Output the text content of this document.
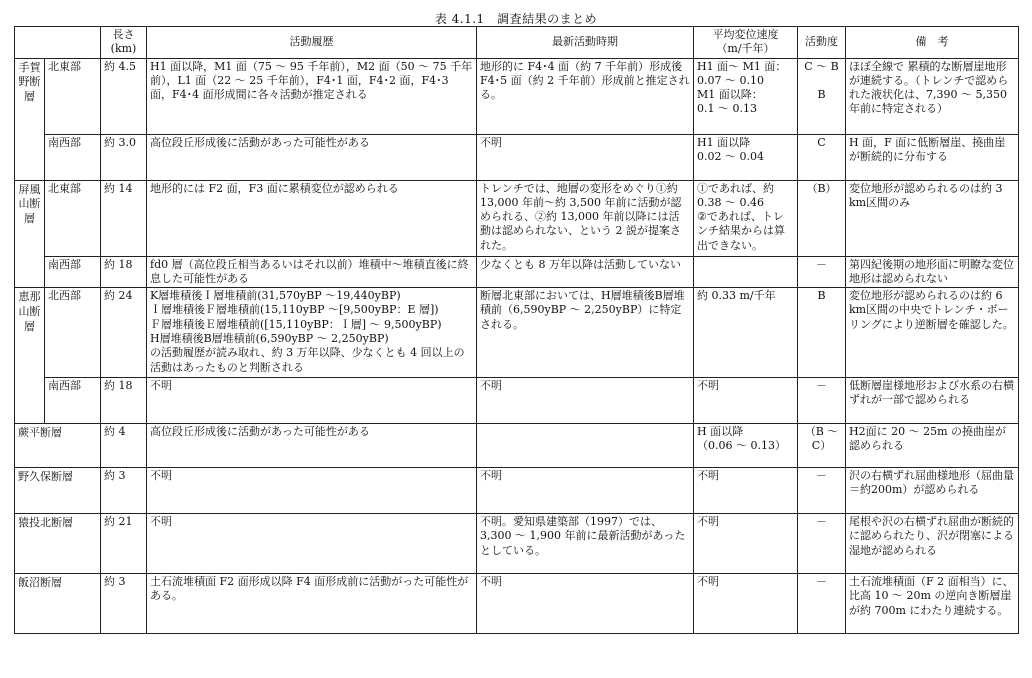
表 4.1.1　調査結果のまとめ
		長さ
(km)	活動履歴	最新活動時期	平均変位速度
（m/千年）	活動度	備　考
手賀野断層	北東部	約 4.5	H1 面以降，M1 面（75 ～ 95 千年前），M2 面（50 ～ 75 千年前），L1 面（22 ～ 25 千年前），F4･1 面，F4･2 面，F4･3 面，F4･4 面形成間に各々活動が推定される	地形的に F4･4 面（約 7 千年前）形成後 F4･5 面（約 2 千年前）形成前と推定される。	H1 面～ M1 面：
0.07 ～ 0.10
M1 面以降：
0.1 ～ 0.13	C ～ B

B	ほぼ全線で 累積的な断層崖地形が連続する。（トレンチで認められた液状化は、7,390 ～ 5,350 年前に特定される）
	南西部	約 3.0	高位段丘形成後に活動があった可能性がある	不明	H1 面以降
0.02 ～ 0.04	C	H 面，F 面に低断層崖、撓曲崖が断続的に分布する
屏風山断層	北東部	約 14	地形的には F2 面，F3 面に累積変位が認められる	トレンチでは、地層の変形をめぐり①約 13,000 年前～約 3,500 年前に活動が認められる、②約 13,000 年前以降には活動は認められない、という 2 説が提案された。	①であれば、約
0.38 ～ 0.46
②であれば、トレンチ結果からは算出できない。	（B）	変位地形が認められるのは約 3 km区間のみ
	南西部	約 18	fd0 層（高位段丘相当あるいはそれ以前）堆積中～堆積直後に終息した可能性がある	少なくとも 8 万年以降は活動していない		－	第四紀後期の地形面に明瞭な変位地形は認められない
恵那山断層	北西部	約 24	K層堆積後Ｉ層堆積前(31,570yBP ～19,440yBP)
Ｉ層堆積後Ｆ層堆積前(15,110yBP ～[9,500yBP：E 層])
Ｆ層堆積後Ｅ層堆積前([15,110yBP：Ｉ層] ～ 9,500yBP)
H層堆積後B層堆積前(6,590yBP ～ 2,250yBP)
の活動履歴が読み取れ、約 3 万年以降、少なくとも 4 回以上の活動はあったものと判断される	断層北東部においては、H層堆積後B層堆積前（6,590yBP ～ 2,250yBP）に特定される。	約 0.33 m/千年	B	変位地形が認められるのは約 6 km区間の中央でトレンチ・ボーリングにより逆断層を確認した。
	南西部	約 18	不明	不明	不明	－	低断層崖様地形および水系の右横ずれが一部で認められる
蕨平断層		約 4	高位段丘形成後に活動があった可能性がある		H 面以降
（0.06 ～ 0.13）	（B ～
C）	H2面に 20 ～ 25m の撓曲崖が認められる
野久保断層		約 3	不明	不明	不明	－	沢の右横ずれ屈曲様地形（屈曲量＝約200m）が認められる
猿投北断層		約 21	不明	不明。愛知県建築部（1997）では、3,300 ～ 1,900 年前に最新活動があったとしている。	不明	－	尾根や沢の右横ずれ屈曲が断続的に認められたり、沢が閉塞による湿地が認められる
飯沼断層		約 3	土石流堆積面 F2 面形成以降 F4 面形成前に活動がった可能性がある。	不明	不明	－	土石流堆積面（F 2 面相当）に、比高 10 ～ 20m の逆向き断層崖が約 700m にわたり連続する。
